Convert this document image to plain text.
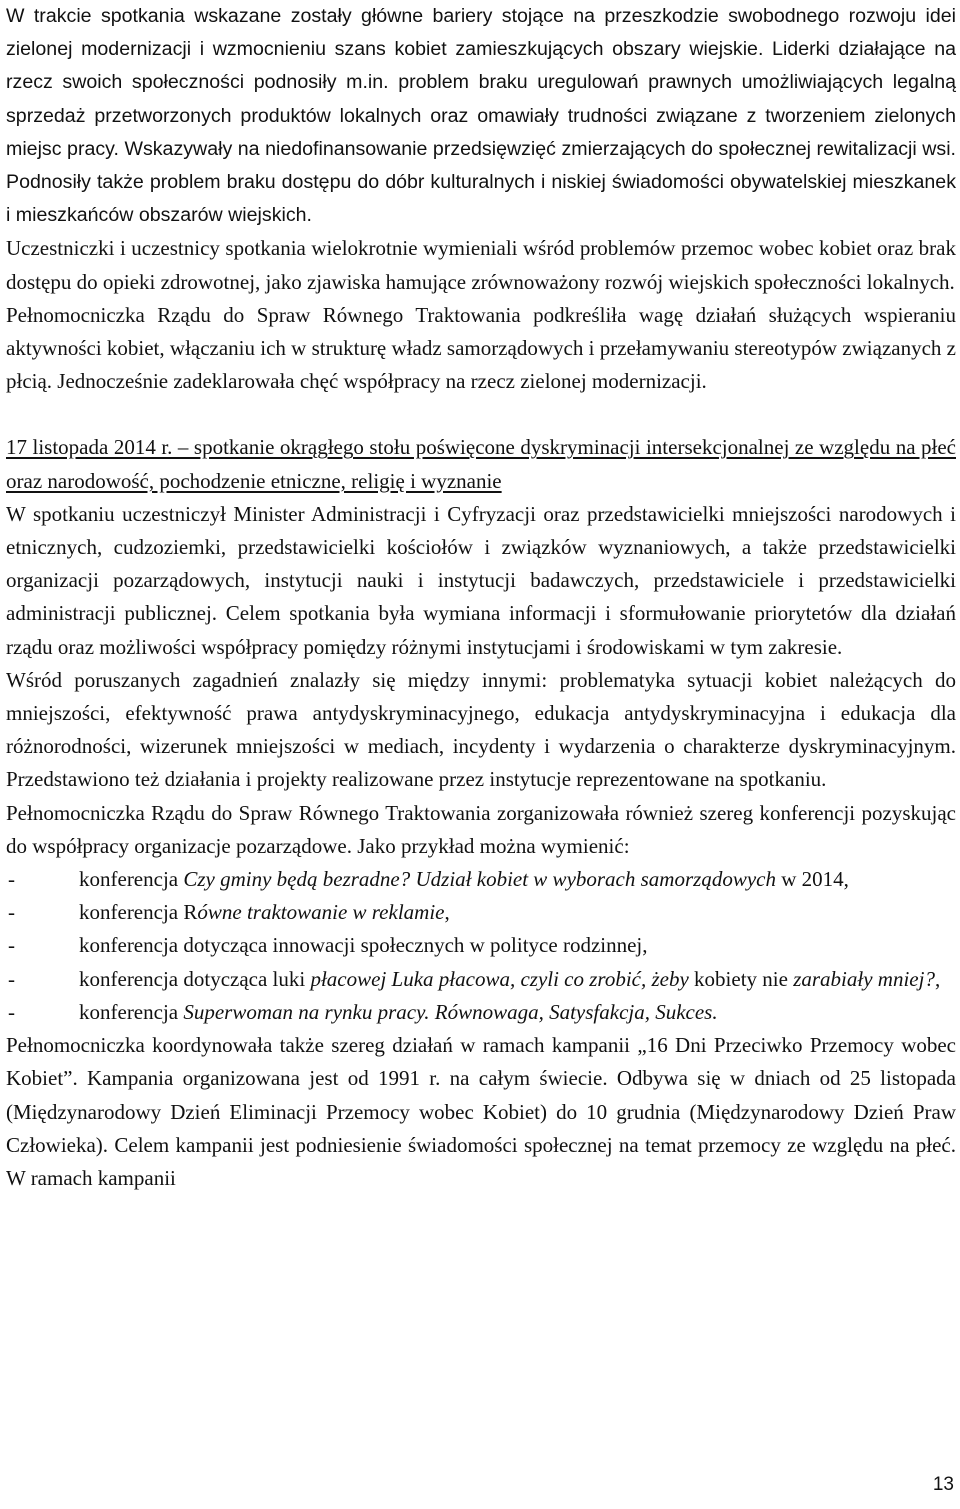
W trakcie spotkania wskazane zostały główne bariery stojące na przeszkodzie swobodnego rozwoju idei zielonej modernizacji i wzmocnieniu szans kobiet zamieszkujących obszary wiejskie. Liderki działające na rzecz swoich społeczności podnosiły m.in. problem braku uregulowań prawnych umożliwiających legalną sprzedaż przetworzonych produktów lokalnych oraz omawiały trudności związane z tworzeniem zielonych miejsc pracy. Wskazywały na niedofinansowanie przedsięwzięć zmierzających do społecznej rewitalizacji wsi. Podnosiły także problem braku dostępu do dóbr kulturalnych i niskiej świadomości obywatelskiej mieszkanek i mieszkańców obszarów wiejskich.

Uczestniczki i uczestnicy spotkania wielokrotnie wymieniali wśród problemów przemoc wobec kobiet oraz brak dostępu do opieki zdrowotnej, jako zjawiska hamujące zrównoważony rozwój wiejskich społeczności lokalnych.

Pełnomocniczka Rządu do Spraw Równego Traktowania podkreśliła wagę działań służących wspieraniu aktywności kobiet, włączaniu ich w strukturę władz samorządowych i przełamywaniu stereotypów związanych z płcią. Jednocześnie zadeklarowała chęć współpracy na rzecz zielonej modernizacji.

17 listopada 2014 r. – spotkanie okrągłego stołu poświęcone dyskryminacji intersekcjonalnej ze względu na płeć oraz narodowość, pochodzenie etniczne, religię i wyznanie

W spotkaniu uczestniczył Minister Administracji i Cyfryzacji oraz przedstawicielki mniejszości narodowych i etnicznych, cudzoziemki, przedstawicielki kościołów i związków wyznaniowych, a także przedstawicielki organizacji pozarządowych, instytucji nauki i instytucji badawczych, przedstawiciele i przedstawicielki administracji publicznej. Celem spotkania była wymiana informacji i sformułowanie priorytetów dla działań rządu oraz możliwości współpracy pomiędzy różnymi instytucjami i środowiskami w tym zakresie.

Wśród poruszanych zagadnień znalazły się między innymi: problematyka sytuacji kobiet należących do mniejszości, efektywność prawa antydyskryminacyjnego, edukacja antydyskryminacyjna i edukacja dla różnorodności, wizerunek mniejszości w mediach, incydenty i wydarzenia o charakterze dyskryminacyjnym. Przedstawiono też działania i projekty realizowane przez instytucje reprezentowane na spotkaniu.

Pełnomocniczka Rządu do Spraw Równego Traktowania zorganizowała również szereg konferencji pozyskując do współpracy organizacje pozarządowe. Jako przykład można wymienić:

-	konferencja Czy gminy będą bezradne? Udział kobiet w wyborach samorządowych w 2014,
-	konferencja Równe traktowanie w reklamie,
-	konferencja dotycząca innowacji społecznych w polityce rodzinnej,
-	konferencja dotycząca luki płacowej Luka płacowa, czyli co zrobić, żeby kobiety nie zarabiały mniej?,
-	konferencja Superwoman na rynku pracy. Równowaga, Satysfakcja, Sukces.

Pełnomocniczka koordynowała także szereg działań w ramach kampanii „16 Dni Przeciwko Przemocy wobec Kobiet”. Kampania organizowana jest od 1991 r. na całym świecie. Odbywa się w dniach od 25 listopada (Międzynarodowy Dzień Eliminacji Przemocy wobec Kobiet) do 10 grudnia (Międzynarodowy Dzień Praw Człowieka). Celem kampanii jest podniesienie świadomości społecznej na temat przemocy ze względu na płeć. W ramach kampanii

13
